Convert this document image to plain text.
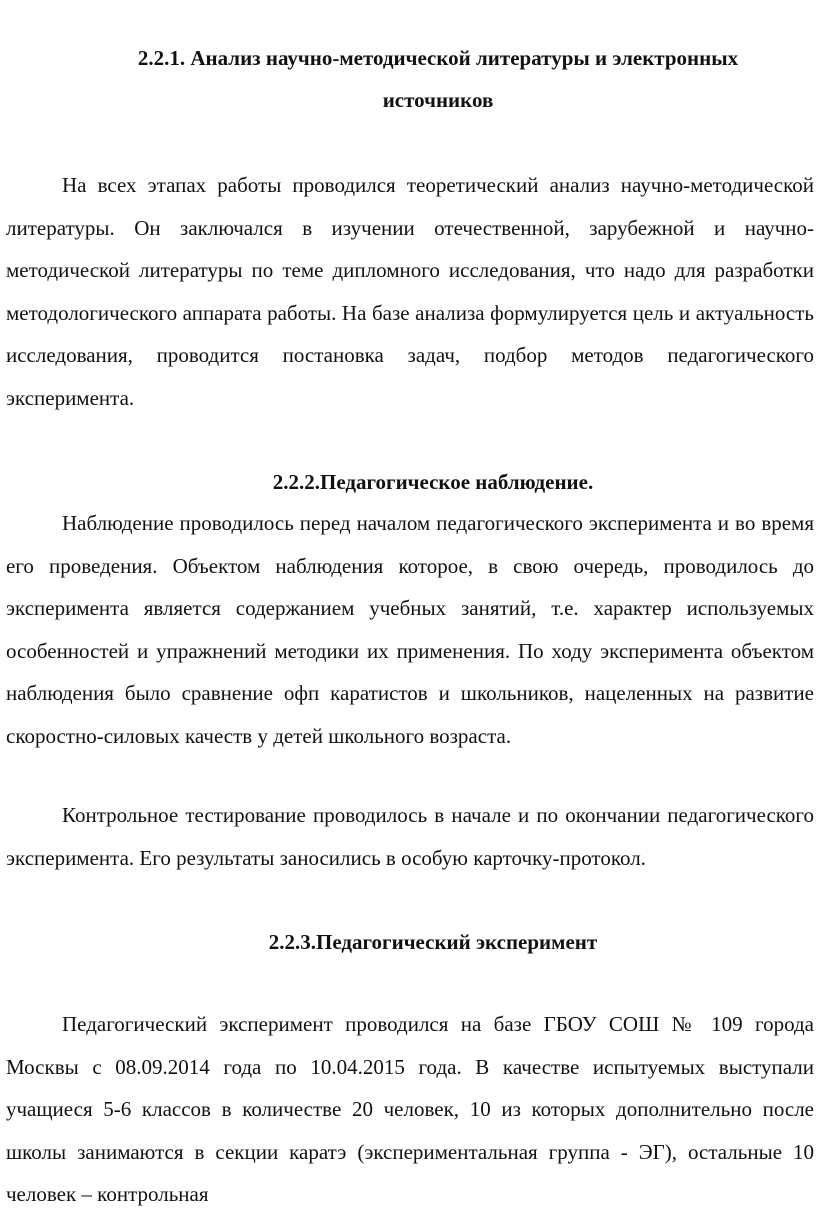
2.2.1. Анализ научно-методической литературы и электронных
источников

На всех этапах работы проводился теоретический анализ научно-методической литературы. Он заключался в изучении отечественной, зарубежной и научно-методической литературы по теме дипломного исследования, что надо для разработки методологического аппарата работы. На базе анализа формулируется цель и актуальность исследования, проводится постановка задач, подбор методов педагогического эксперимента.

2.2.2.Педагогическое наблюдение.

Наблюдение проводилось перед началом педагогического эксперимента и во время его проведения. Объектом наблюдения которое, в свою очередь, проводилось до эксперимента является содержанием учебных занятий, т.е. характер используемых особенностей и упражнений методики их применения. По ходу эксперимента объектом наблюдения было сравнение офп каратистов и школьников, нацеленных на развитие скоростно-силовых качеств у детей школьного возраста.

Контрольное тестирование проводилось в начале и по окончании педагогического эксперимента. Его результаты заносились в особую карточку-протокол.

2.2.3.Педагогический эксперимент

Педагогический эксперимент проводился на базе ГБОУ СОШ № 109 города Москвы с 08.09.2014 года по 10.04.2015 года. В качестве испытуемых выступали учащиеся 5-6 классов в количестве 20 человек, 10 из которых дополнительно после школы занимаются в секции каратэ (экспериментальная группа - ЭГ), остальные 10 человек – контрольная
